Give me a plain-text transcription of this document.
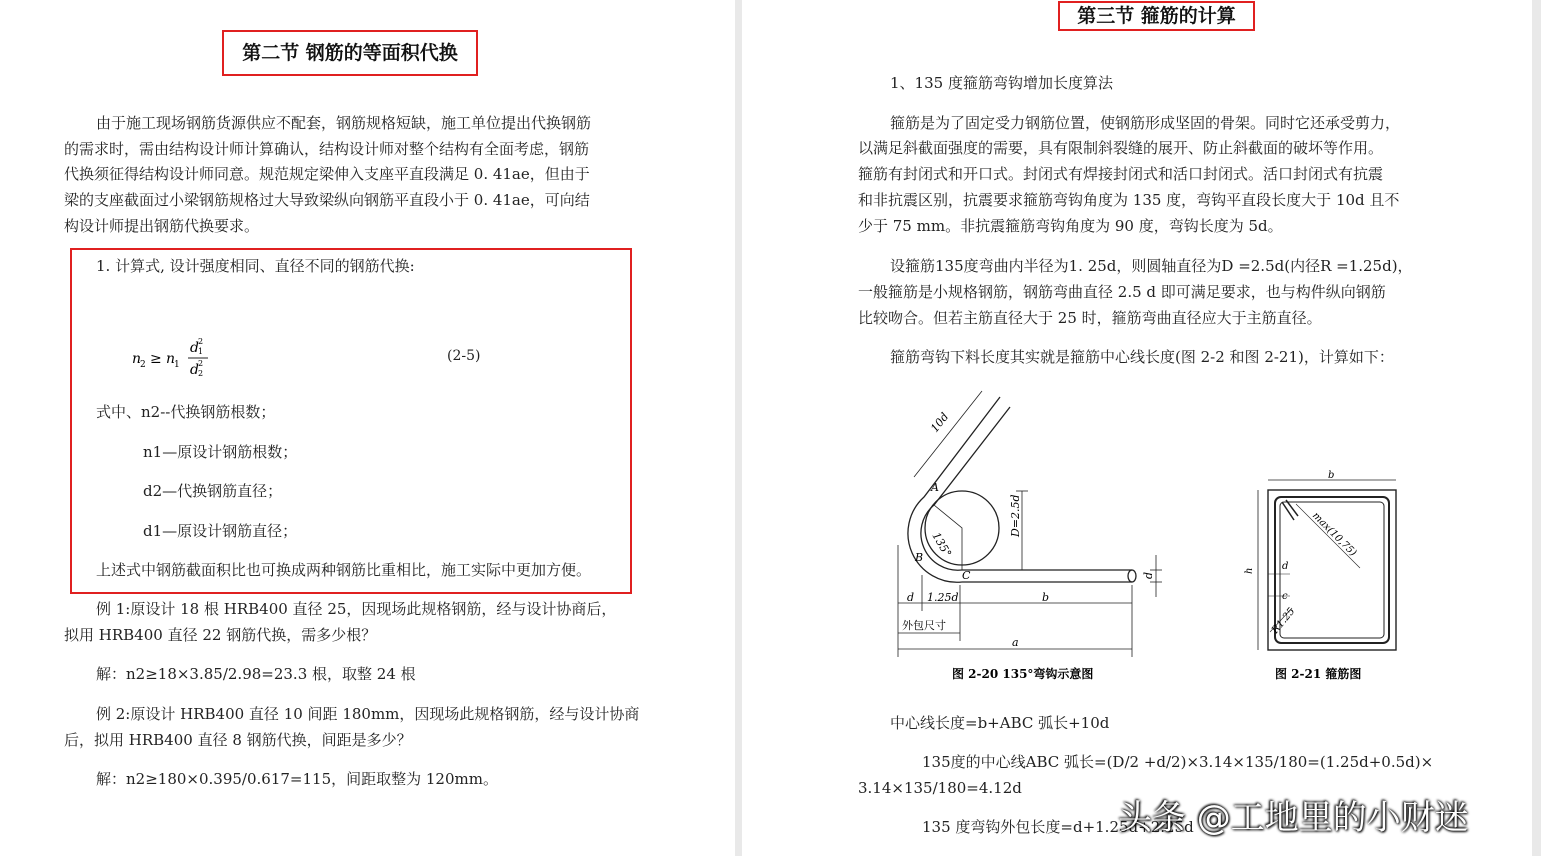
第二节 钢筋的等面积代换
由于施工现场钢筋货源供应不配套，钢筋规格短缺，施工单位提出代换钢筋
的需求时，需由结构设计师计算确认，结构设计师对整个结构有全面考虑，钢筋
代换须征得结构设计师同意。规范规定梁伸入支座平直段满足 0. 41ae，但由于
梁的支座截面过小梁钢筋规格过大导致梁纵向钢筋平直段小于 0. 41ae，可向结
构设计师提出钢筋代换要求。
1. 计算式, 设计强度相同、直径不同的钢筋代换:
n
2 ≥ n
1
d 2
1
d 2
2
(2-5)
式中、n2--代换钢筋根数；
n1—原设计钢筋根数；
d2—代换钢筋直径；
d1—原设计钢筋直径；
上述式中钢筋截面积比也可换成两种钢筋比重相比，施工实际中更加方便。
例 1:原设计 18 根 HRB400 直径 25，因现场此规格钢筋，经与设计协商后，
拟用 HRB400 直径 22 钢筋代换，需多少根？
解：n2≥18×3.85/2.98=23.3 根，取整 24 根
例 2:原设计 HRB400 直径 10 间距 180mm，因现场此规格钢筋，经与设计协商
后，拟用 HRB400 直径 8 钢筋代换，间距是多少？
解：n2≥180×0.395/0.617=115，间距取整为 120mm。
第三节 箍筋的计算
1、135 度箍筋弯钩增加长度算法
箍筋是为了固定受力钢筋位置，使钢筋形成坚固的骨架。同时它还承受剪力，
以满足斜截面强度的需要，具有限制斜裂缝的展开、防止斜截面的破坏等作用。
箍筋有封闭式和开口式。封闭式有焊接封闭式和活口封闭式。活口封闭式有抗震
和非抗震区别，抗震要求箍筋弯钩角度为 135 度，弯钩平直段长度大于 10d 且不
少于 75 mm。非抗震箍筋弯钩角度为 90 度，弯钩长度为 5d。
设箍筋135度弯曲内半径为1. 25d，则圆轴直径为D =2.5d(内径R =1.25d)，
一般箍筋是小规格钢筋，钢筋弯曲直径 2.5 d 即可满足要求，也与构件纵向钢筋
比较吻合。但若主筋直径大于 25 时，箍筋弯曲直径应大于主筋直径。
箍筋弯钩下料长度其实就是箍筋中心线长度(图 2-2 和图 2-21)，计算如下：
10d
A
B
C
135°
D=2.5d
d
d 1.25d	b
外包尺寸
a
图 2-20 135°弯钩示意图
b
h
max(10,75)
d
c
R1.25
图 2-21 箍筋图
中心线长度=b+ABC 弧长+10d
135度的中心线ABC 弧长=(D/2 +d/2)×3.14×135/180=(1.25d+0.5d)×
3.14×135/180=4.12d
135 度弯钩外包长度=d+1.25d+2.25d
头条 @工地里的小财迷
